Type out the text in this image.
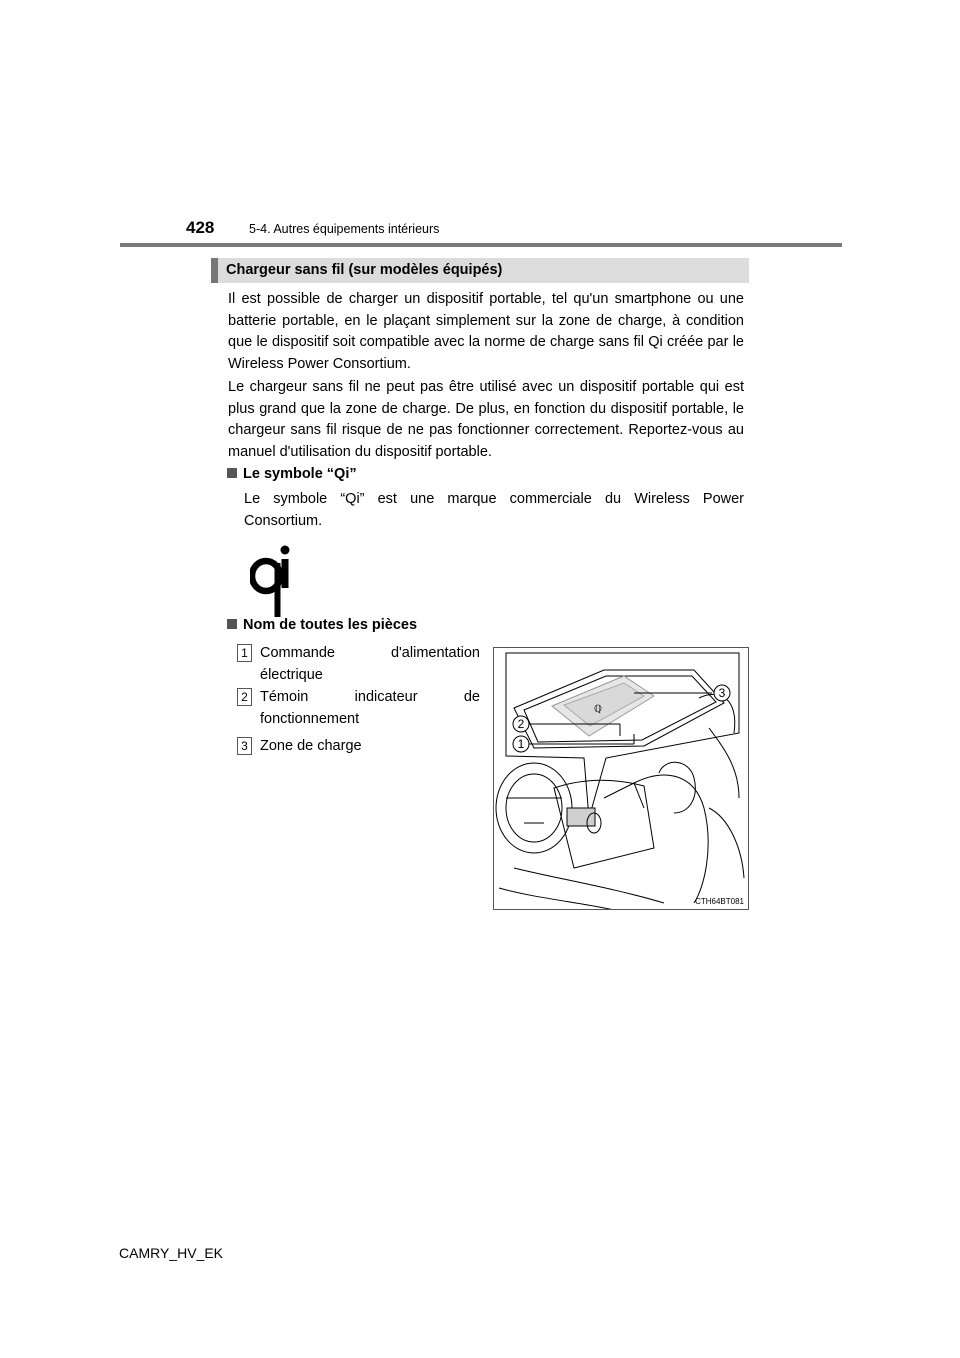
428	5-4. Autres équipements intérieurs
Chargeur sans fil (sur modèles équipés)

Il est possible de charger un dispositif portable, tel qu'un smartphone ou une batterie portable, en le plaçant simplement sur la zone de charge, à condition que le dispositif soit compatible avec la norme de charge sans fil Qi créée par le Wireless Power Consortium.

Le chargeur sans fil ne peut pas être utilisé avec un dispositif portable qui est plus grand que la zone de charge. De plus, en fonction du dispositif portable, le chargeur sans fil risque de ne pas fonctionner correctement. Reportez-vous au manuel d'utilisation du dispositif portable.

Le symbole “Qi”

Le symbole “Qi” est une marque commerciale du Wireless Power Consortium.

Nom de toutes les pièces
1 Commande d'alimentation électrique
2 Témoin indicateur de fonctionnement
3 Zone de charge
ℚ
3
2
1
CTH64BT081
CAMRY_HV_EK
